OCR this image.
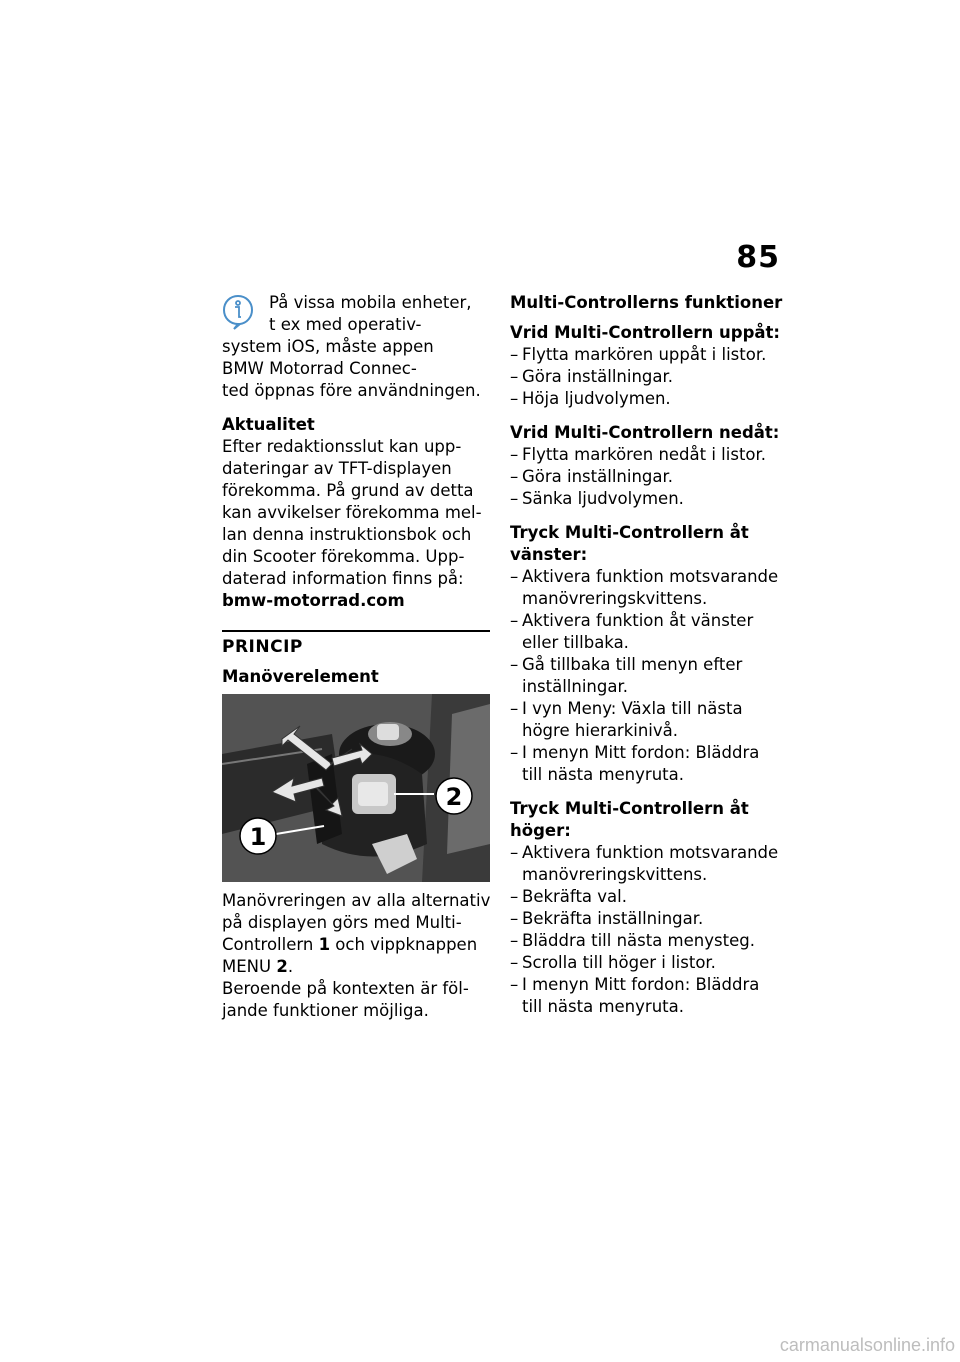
85
På vissa mobila enheter,
t ex med operativ-
system iOS, måste appen
BMW Motorrad Connec-
ted öppnas före användningen.
Aktualitet
Efter redaktionsslut kan upp-
dateringar av TFT-displayen
förekomma. På grund av detta
kan avvikelser förekomma mel-
lan denna instruktionsbok och
din Scooter förekomma. Upp-
daterad information finns på:
bmw-motorrad.com
PRINCIP
Manöverelement
2
1
Manövreringen av alla alternativ
på displayen görs med Multi-
Controllern 1 och vippknappen
MENU 2.
Beroende på kontexten är föl-
jande funktioner möjliga.
Multi-Controllerns funktioner
Vrid Multi-Controllern uppåt:
– Flytta markören uppåt i listor.
– Göra inställningar.
– Höja ljudvolymen.
Vrid Multi-Controllern nedåt:
– Flytta markören nedåt i listor.
– Göra inställningar.
– Sänka ljudvolymen.
Tryck Multi-Controllern åt
vänster:
– Aktivera funktion motsvarande
manövreringskvittens.
– Aktivera funktion åt vänster
eller tillbaka.
– Gå tillbaka till menyn efter
inställningar.
– I vyn Meny: Växla till nästa
högre hierarkinivå.
– I menyn Mitt fordon: Bläddra
till nästa menyruta.
Tryck Multi-Controllern åt
höger:
– Aktivera funktion motsvarande
manövreringskvittens.
– Bekräfta val.
– Bekräfta inställningar.
– Bläddra till nästa menysteg.
– Scrolla till höger i listor.
– I menyn Mitt fordon: Bläddra
till nästa menyruta.
carmanualsonline.info
